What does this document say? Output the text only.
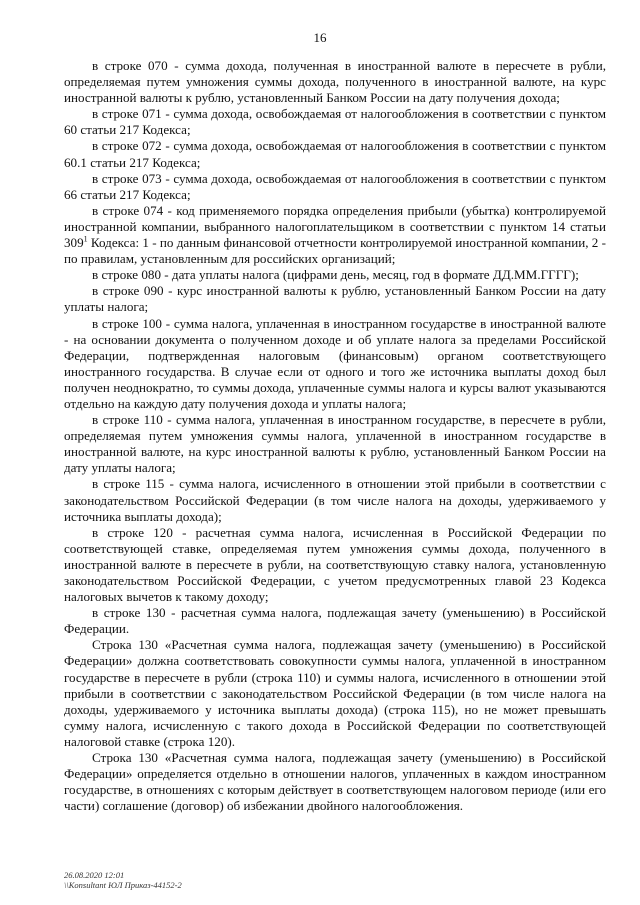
16

в строке 070 - сумма дохода, полученная в иностранной валюте в пересчете в рубли, определяемая путем умножения суммы дохода, полученного в иностранной валюте, на курс иностранной валюты к рублю, установленный Банком России на дату получения дохода;

в строке 071 - сумма дохода, освобождаемая от налогообложения в соответствии с пунктом 60 статьи 217 Кодекса;

в строке 072 - сумма дохода, освобождаемая от налогообложения в соответствии с пунктом 60.1 статьи 217 Кодекса;

в строке 073 - сумма дохода, освобождаемая от налогообложения в соответствии с пунктом 66 статьи 217 Кодекса;

в строке 074 - код применяемого порядка определения прибыли (убытка) контролируемой иностранной компании, выбранного налогоплательщиком в соответствии с пунктом 14 статьи $309^1$ Кодекса: 1 - по данным финансовой отчетности контролируемой иностранной компании, 2 - по правилам, установленным для российских организаций;

в строке 080 - дата уплаты налога (цифрами день, месяц, год в формате ДД.ММ.ГГГГ);

в строке 090 - курс иностранной валюты к рублю, установленный Банком России на дату уплаты налога;

в строке 100 - сумма налога, уплаченная в иностранном государстве в иностранной валюте - на основании документа о полученном доходе и об уплате налога за пределами Российской Федерации, подтвержденная налоговым (финансовым) органом соответствующего иностранного государства. В случае если от одного и того же источника выплаты доход был получен неоднократно, то суммы дохода, уплаченные суммы налога и курсы валют указываются отдельно на каждую дату получения дохода и уплаты налога;

в строке 110 - сумма налога, уплаченная в иностранном государстве, в пересчете в рубли, определяемая путем умножения суммы налога, уплаченной в иностранном государстве в иностранной валюте, на курс иностранной валюты к рублю, установленный Банком России на дату уплаты налога;

в строке 115 - сумма налога, исчисленного в отношении этой прибыли в соответствии с законодательством Российской Федерации (в том числе налога на доходы, удерживаемого у источника выплаты дохода);

в строке 120 - расчетная сумма налога, исчисленная в Российской Федерации по соответствующей ставке, определяемая путем умножения суммы дохода, полученного в иностранной валюте в пересчете в рубли, на соответствующую ставку налога, установленную законодательством Российской Федерации, с учетом предусмотренных главой 23 Кодекса налоговых вычетов к такому доходу;

в строке 130 - расчетная сумма налога, подлежащая зачету (уменьшению) в Российской Федерации.

Строка 130 «Расчетная сумма налога, подлежащая зачету (уменьшению) в Российской Федерации» должна соответствовать совокупности суммы налога, уплаченной в иностранном государстве в пересчете в рубли (строка 110) и суммы налога, исчисленного в отношении этой прибыли в соответствии с законодательством Российской Федерации (в том числе налога на доходы, удерживаемого у источника выплаты дохода) (строка 115), но не может превышать сумму налога, исчисленную с такого дохода в Российской Федерации по соответствующей налоговой ставке (строка 120).

Строка 130 «Расчетная сумма налога, подлежащая зачету (уменьшению) в Российской Федерации» определяется отдельно в отношении налогов, уплаченных в каждом иностранном государстве, в отношениях с которым действует в соответствующем налоговом периоде (или его части) соглашение (договор) об избежании двойного налогообложения.

26.08.2020 12:01
\\Konsultant ЮЛ Приказ-44152-2
